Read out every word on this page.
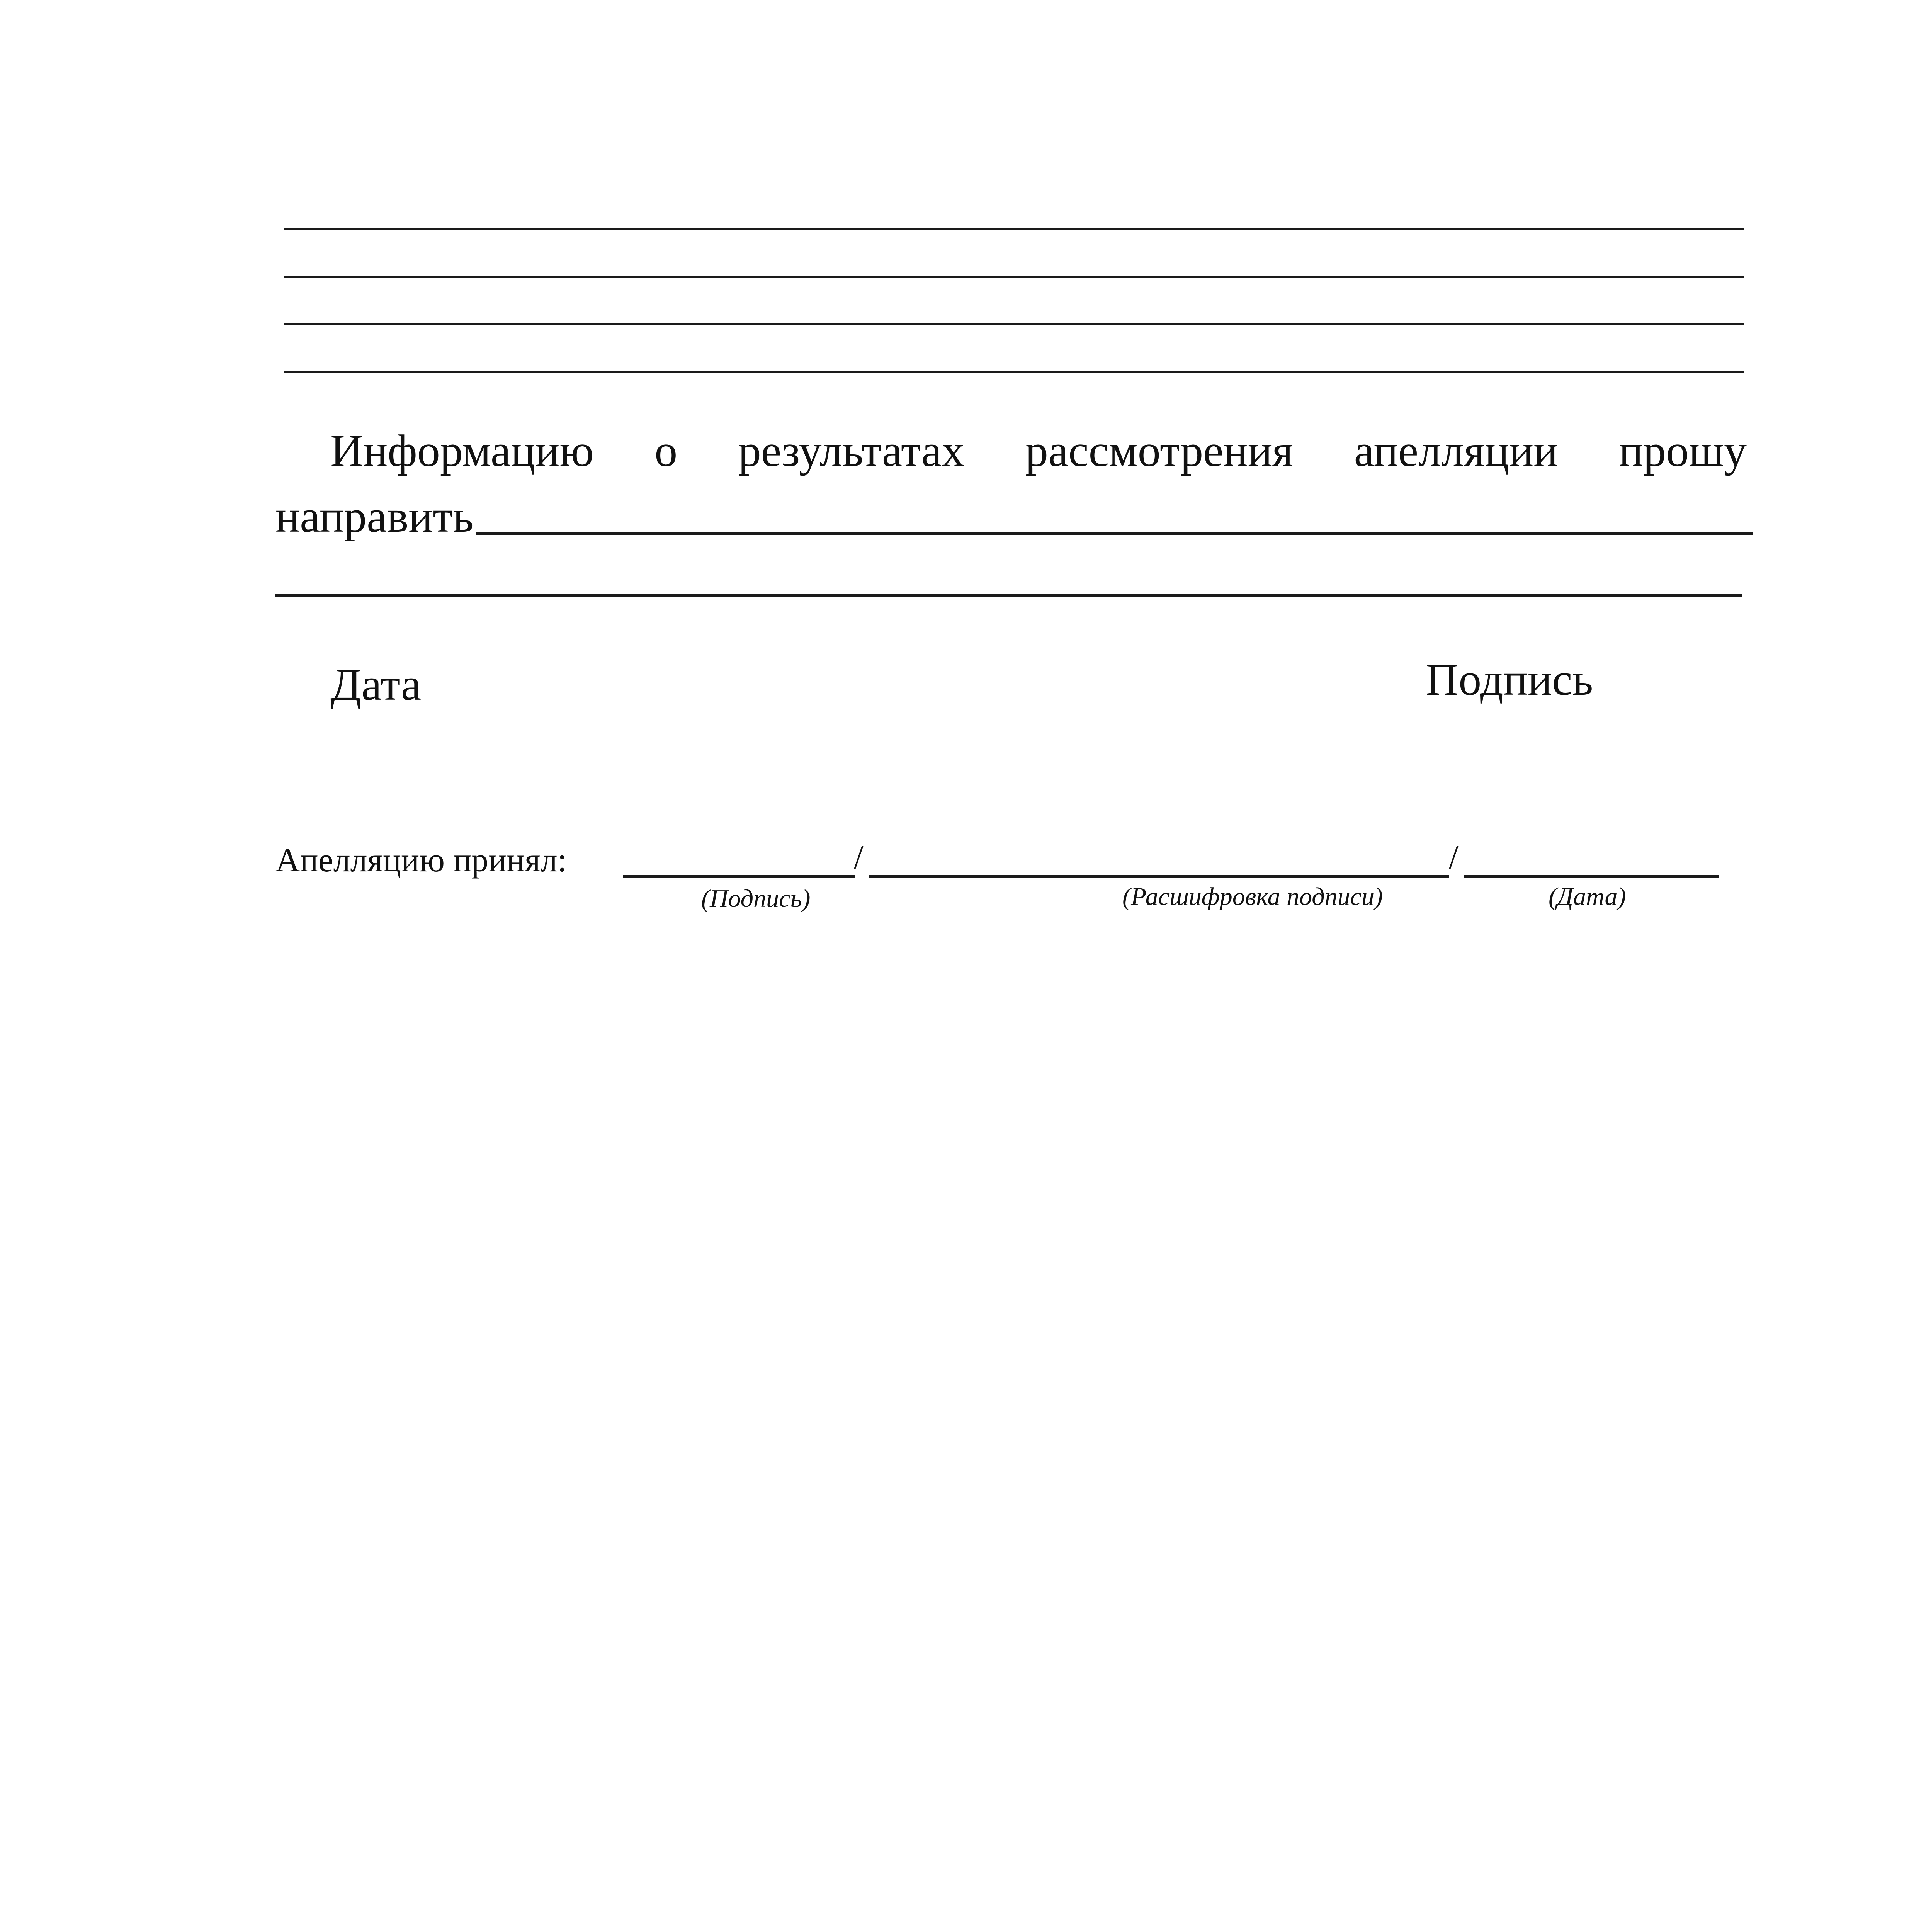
Информацию о результатах рассмотрения апелляции прошу
направить
Дата	Подпись
Апелляцию принял:	/	/
(Подпись)	(Расшифровка подписи)	(Дата)
